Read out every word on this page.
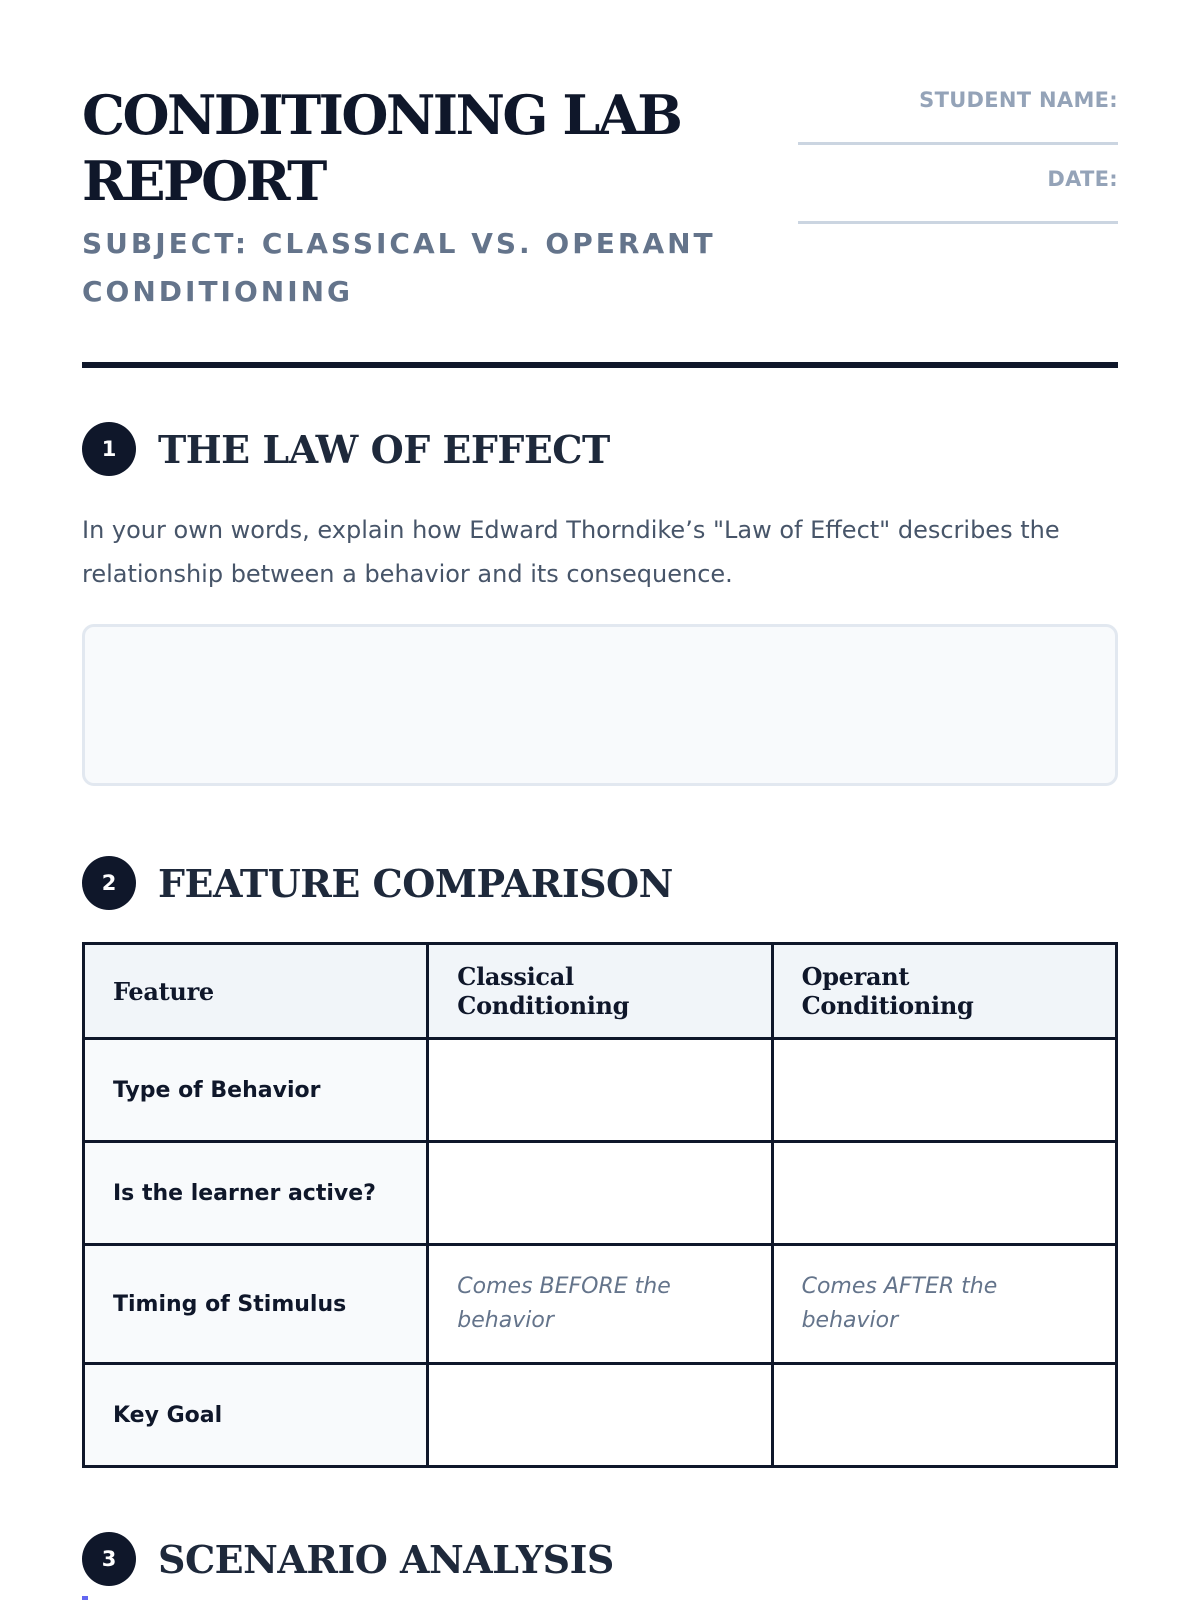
CONDITIONING LAB REPORT
SUBJECT: CLASSICAL VS. OPERANT CONDITIONING
STUDENT NAME:
DATE:
1	THE LAW OF EFFECT
In your own words, explain how Edward Thorndike’s "Law of Effect" describes the relationship between a behavior and its consequence.
2	FEATURE COMPARISON
Feature	Classical Conditioning	Operant Conditioning
Type of Behavior		
Is the learner active?		
Timing of Stimulus	Comes BEFORE the behavior	Comes AFTER the behavior
Key Goal		
3	SCENARIO ANALYSIS
